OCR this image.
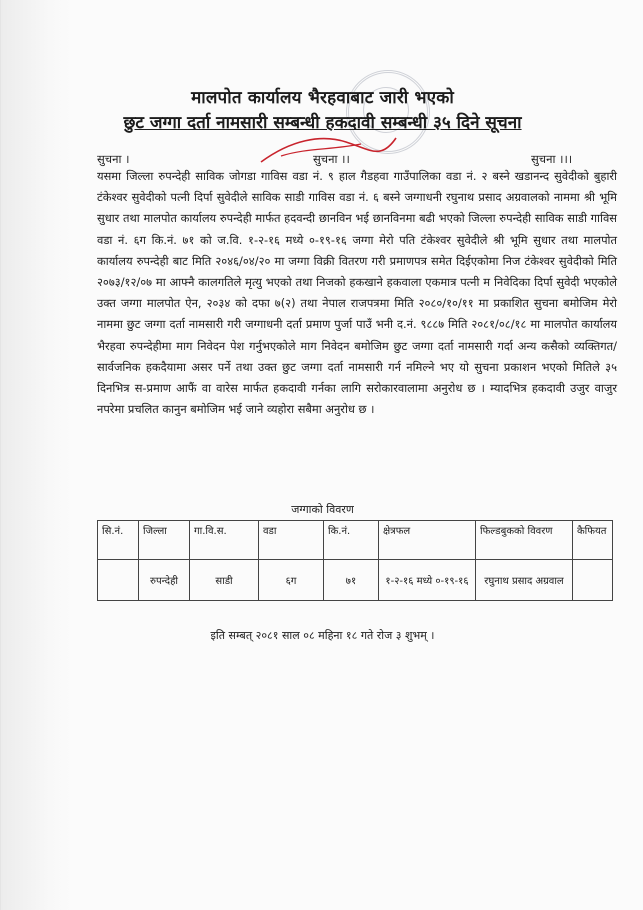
मालपोत कार्यालय भैरहवाबाट जारी भएको
छुट जग्गा दर्ता नामसारी सम्बन्धी हकदावी सम्बन्धी ३५ दिने सूचना
सुचना ।	सुचना ।।	सुचना ।।।
यसमा जिल्ला रुपन्देही साविक जोगडा गाविस वडा नं. ९ हाल गैडहवा गाउँपालिका वडा नं. २ बस्ने खडानन्द सुवेदीको बुहारी टंकेश्वर सुवेदीको पत्नी दिर्पा सुवेदीले साविक साडी गाविस वडा नं. ६ बस्ने जग्गाधनी रघुनाथ प्रसाद अग्रवालको नाममा श्री भूमि सुधार तथा मालपोत कार्यालय रुपन्देही मार्फत हदवन्दी छानविन भई छानविनमा बढी भएको जिल्ला रुपन्देही साविक साडी गाविस वडा नं. ६ग कि.नं. ७१ को ज.वि. १-२-१६ मध्ये ०-१९-१६ जग्गा मेरो पति टंकेश्वर सुवेदीले श्री भूमि सुधार तथा मालपोत कार्यालय रुपन्देही बाट मिति २०४६/०४/२० मा जग्गा विक्री वितरण गरी प्रमाणपत्र समेत दिईएकोमा निज टंकेश्वर सुवेदीको मिति २०७३/१२/०७ मा आफ्नै कालगतिले मृत्यु भएको तथा निजको हकखाने हकवाला एकमात्र पत्नी म निवेदिका दिर्पा सुवेदी भएकोले उक्त जग्गा मालपोत ऐन, २०३४ को दफा ७(२) तथा नेपाल राजपत्रमा मिति २०८०/१०/११ मा प्रकाशित सुचना बमोजिम मेरो नाममा छुट जग्गा दर्ता नामसारी गरी जग्गाधनी दर्ता प्रमाण पुर्जा पाउँ भनी द.नं. ९८८७ मिति २०८१/०८/१८ मा मालपोत कार्यालय भैरहवा रुपन्देहीमा माग निवेदन पेश गर्नुभएकोले माग निवेदन बमोजिम छुट जग्गा दर्ता नामसारी गर्दा अन्य कसैको व्यक्तिगत/सार्वजनिक हकदैयामा असर पर्ने तथा उक्त छुट जग्गा दर्ता नामसारी गर्न नमिल्ने भए यो सुचना प्रकाशन भएको मितिले ३५ दिनभित्र स-प्रमाण आफैं वा वारेस मार्फत हकदावी गर्नका लागि सरोकारवालामा अनुरोध छ । म्यादभित्र हकदावी उजुर वाजुर नपरेमा प्रचलित कानुन बमोजिम भई जाने व्यहोरा सबैमा अनुरोध छ ।
जग्गाको विवरण
सि.नं.	जिल्ला	गा.वि.स.	वडा	कि.नं.	क्षेत्रफल	फिल्डबुकको विवरण	कैफियत
	रुपन्देही	साडी	६ग	७१	१-२-१६ मध्ये ०-१९-१६	रघुनाथ प्रसाद अग्रवाल	
इति सम्बत् २०८१ साल ०८ महिना १८ गते रोज ३ शुभम् ।
